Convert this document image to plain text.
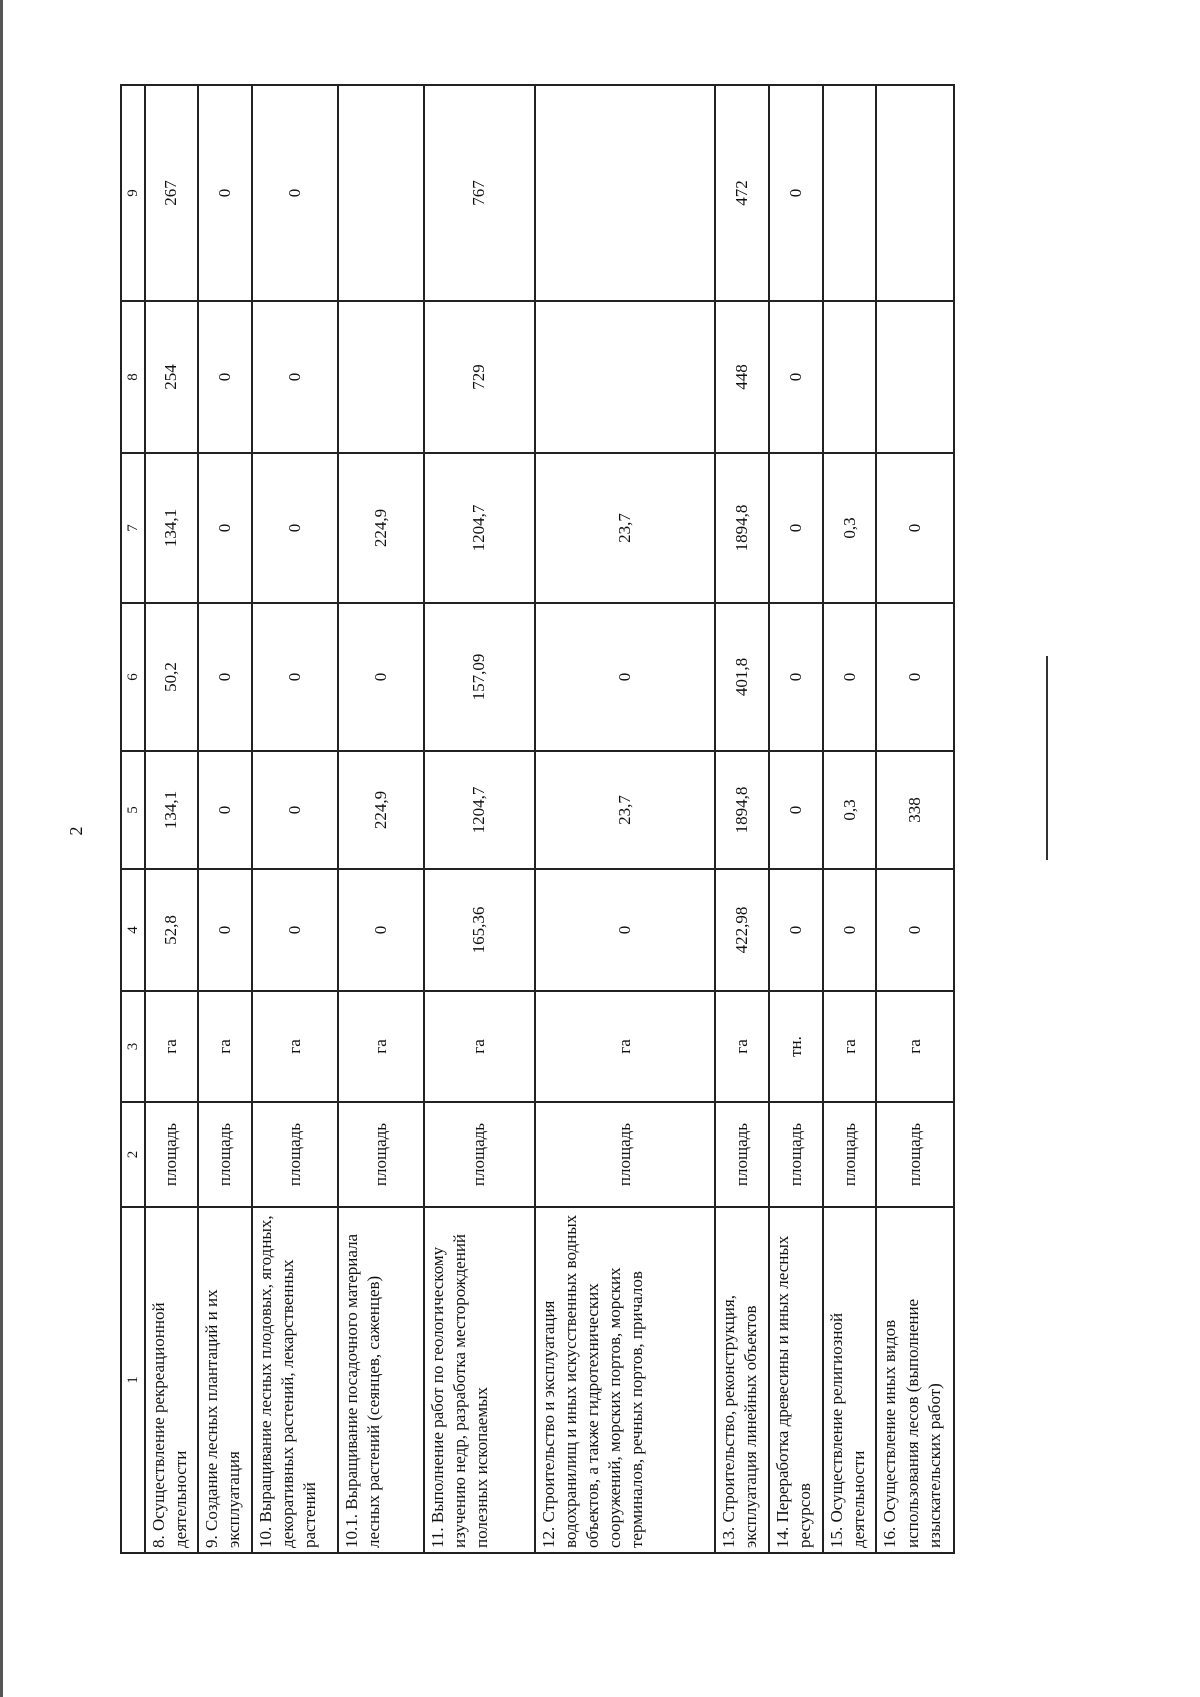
2
1	2	3	4	5	6	7	8	9
8. Осуществление рекреационной деятельности	площадь	га	52,8	134,1	50,2	134,1	254	267
9. Создание лесных плантаций и их эксплуатация	площадь	га	0	0	0	0	0	0
10. Выращивание лесных плодовых, ягодных, декоративных растений, лекарственных растений	площадь	га	0	0	0	0	0	0
10.1. Выращивание посадочного материала лесных растений (сеянцев, саженцев)	площадь	га	0	224,9	0	224,9		
11. Выполнение работ по геологическому изучению недр, разработка месторождений полезных ископаемых	площадь	га	165,36	1204,7	157,09	1204,7	729	767
12. Строительство и эксплуатация водохранилищ и иных искусственных водных объектов, а также гидротехнических сооружений, морских портов, морских терминалов, речных портов, причалов	площадь	га	0	23,7	0	23,7		
13. Строительство, реконструкция, эксплуатация линейных объектов	площадь	га	422,98	1894,8	401,8	1894,8	448	472
14. Переработка древесины и иных лесных ресурсов	площадь	тн.	0	0	0	0	0	0
15. Осуществление религиозной деятельности	площадь	га	0	0,3	0	0,3		
16. Осуществление иных видов использования лесов (выполнение изыскательских работ)	площадь	га	0	338	0	0		
